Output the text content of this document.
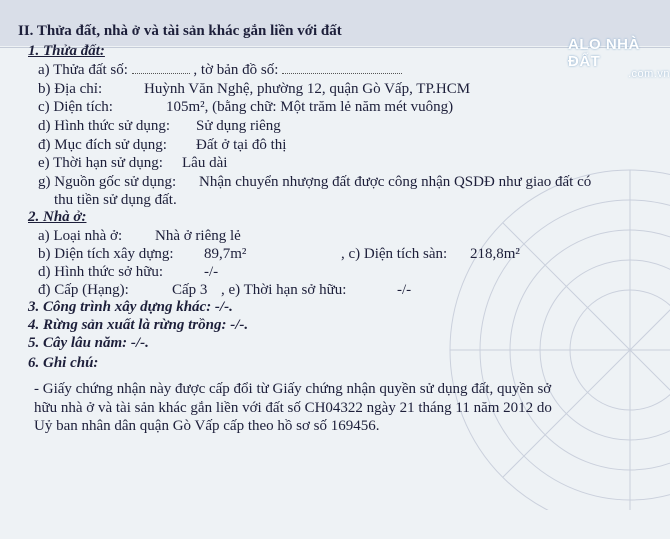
ALO NHÀ ĐẤT
.com.vn
II. Thửa đất, nhà ở và tài sản khác gắn liền với đất
1. Thửa đất:
a) Thửa đất số:	, tờ bản đồ số:
b) Địa chỉ:	Huỳnh Văn Nghệ, phường 12, quận Gò Vấp, TP.HCM
c) Diện tích:	105m², (bằng chữ: Một trăm lẻ năm mét vuông)
d) Hình thức sử dụng: Sử dụng riêng
đ) Mục đích sử dụng: Đất ở tại đô thị
e) Thời hạn sử dụng: Lâu dài
g) Nguồn gốc sử dụng: Nhận chuyển nhượng đất được công nhận QSDĐ như giao đất có
thu tiền sử dụng đất.
2. Nhà ở:
a) Loại nhà ở: Nhà ở riêng lẻ
b) Diện tích xây dựng: 89,7m²	, c) Diện tích sàn: 218,8m²
d) Hình thức sở hữu:	-/-
đ) Cấp (Hạng):	Cấp 3 , e) Thời hạn sở hữu:	-/-
3. Công trình xây dựng khác: -/-.
4. Rừng sản xuất là rừng trồng: -/-.
5. Cây lâu năm: -/-.
6. Ghi chú:
- Giấy chứng nhận này được cấp đổi từ Giấy chứng nhận quyền sử dụng đất, quyền sở
hữu nhà ở và tài sản khác gắn liền với đất số CH04322 ngày 21 tháng 11 năm 2012 do
Uỷ ban nhân dân quận Gò Vấp cấp theo hồ sơ số 169456.
